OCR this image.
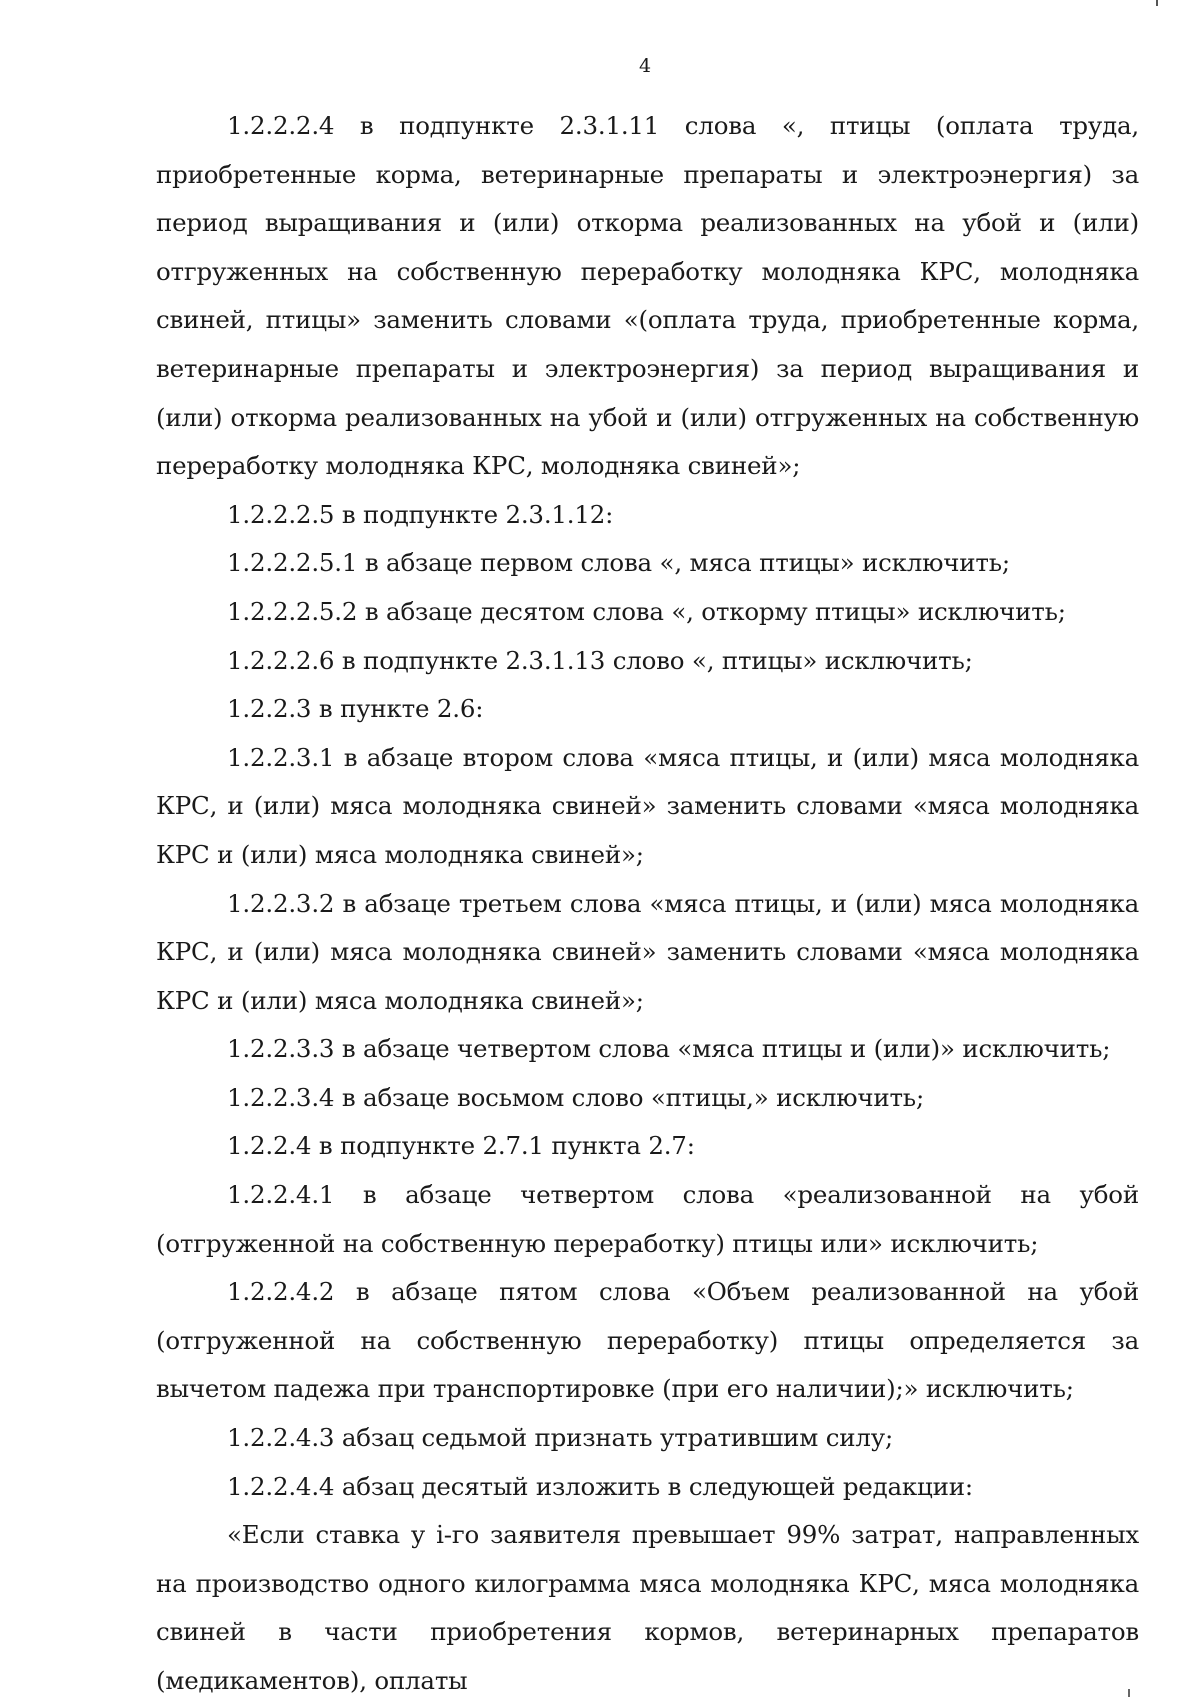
4

1.2.2.2.4 в подпункте 2.3.1.11 слова «, птицы (оплата труда, приобретенные корма, ветеринарные препараты и электроэнергия) за период выращивания и (или) откорма реализованных на убой и (или) отгруженных на собственную переработку молодняка КРС, молодняка свиней, птицы» заменить словами «(оплата труда, приобретенные корма, ветеринарные препараты и электроэнергия) за период выращивания и (или) откорма реализованных на убой и (или) отгруженных на собственную переработку молодняка КРС, молодняка свиней»;

1.2.2.2.5 в подпункте 2.3.1.12:

1.2.2.2.5.1 в абзаце первом слова «, мяса птицы» исключить;

1.2.2.2.5.2 в абзаце десятом слова «, откорму птицы» исключить;

1.2.2.2.6 в подпункте 2.3.1.13 слово «, птицы» исключить;

1.2.2.3 в пункте 2.6:

1.2.2.3.1 в абзаце втором слова «мяса птицы, и (или) мяса молодняка КРС, и (или) мяса молодняка свиней» заменить словами «мяса молодняка КРС и (или) мяса молодняка свиней»;

1.2.2.3.2 в абзаце третьем слова «мяса птицы, и (или) мяса молодняка КРС, и (или) мяса молодняка свиней» заменить словами «мяса молодняка КРС и (или) мяса молодняка свиней»;

1.2.2.3.3 в абзаце четвертом слова «мяса птицы и (или)» исключить;

1.2.2.3.4 в абзаце восьмом слово «птицы,» исключить;

1.2.2.4 в подпункте 2.7.1 пункта 2.7:

1.2.2.4.1 в абзаце четвертом слова «реализованной на убой (отгруженной на собственную переработку) птицы или» исключить;

1.2.2.4.2 в абзаце пятом слова «Объем реализованной на убой (отгруженной на собственную переработку) птицы определяется за вычетом падежа при транспортировке (при его наличии);» исключить;

1.2.2.4.3 абзац седьмой признать утратившим силу;

1.2.2.4.4 абзац десятый изложить в следующей редакции:

«Если ставка у i-го заявителя превышает 99% затрат, направленных на производство одного килограмма мяса молодняка КРС, мяса молодняка свиней в части приобретения кормов, ветеринарных препаратов (медикаментов), оплаты
